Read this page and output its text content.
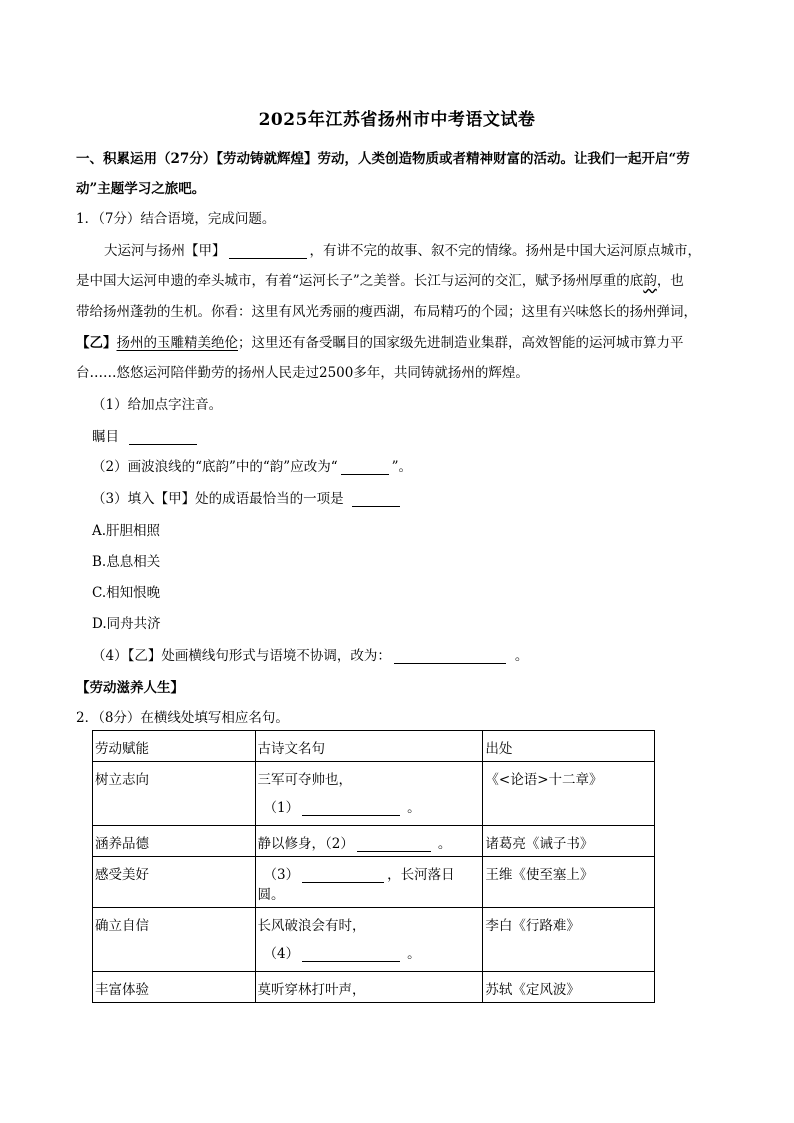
2025年江苏省扬州市中考语文试卷
一、积累运用（27分）【劳动铸就辉煌】劳动，人类创造物质或者精神财富的活动。让我们一起开启“劳
动”主题学习之旅吧。
1．（7分）结合语境，完成问题。
大运河与扬州【甲】	，有讲不完的故事、叙不完的情缘。扬州是中国大运河原点城市，
是中国大运河申遗的牵头城市，有着“运河长子”之美誉。长江与运河的交汇，赋予扬州厚重的底韵，也
带给扬州蓬勃的生机。你看：这里有风光秀丽的瘦西湖，布局精巧的个园；这里有兴味悠长的扬州弹词，
【乙】扬州的玉雕精美绝伦；这里还有备受瞩目的国家级先进制造业集群，高效智能的运河城市算力平
台……悠悠运河陪伴勤劳的扬州人民走过2500多年，共同铸就扬州的辉煌。
（1）给加点字注音。
瞩目
（2）画波浪线的“底韵”中的“韵”应改为“	”。
（3）填入【甲】处的成语最恰当的一项是
A.肝胆相照
B.息息相关
C.相知恨晚
D.同舟共济
（4）【乙】处画横线句形式与语境不协调，改为：	。
【劳动滋养人生】
2．（8分）在横线处填写相应名句。
劳动赋能	古诗文名句	出处
树立志向	三军可夺帅也，
（1） 。	《<论语>十二章》
涵养品德	静以修身，（2） 。	诸葛亮《诫子书》
感受美好	（3） ，长河落日圆。	王维《使至塞上》
确立自信	长风破浪会有时，
（4） 。	李白《行路难》
丰富体验	莫听穿林打叶声，	苏轼《定风波》
